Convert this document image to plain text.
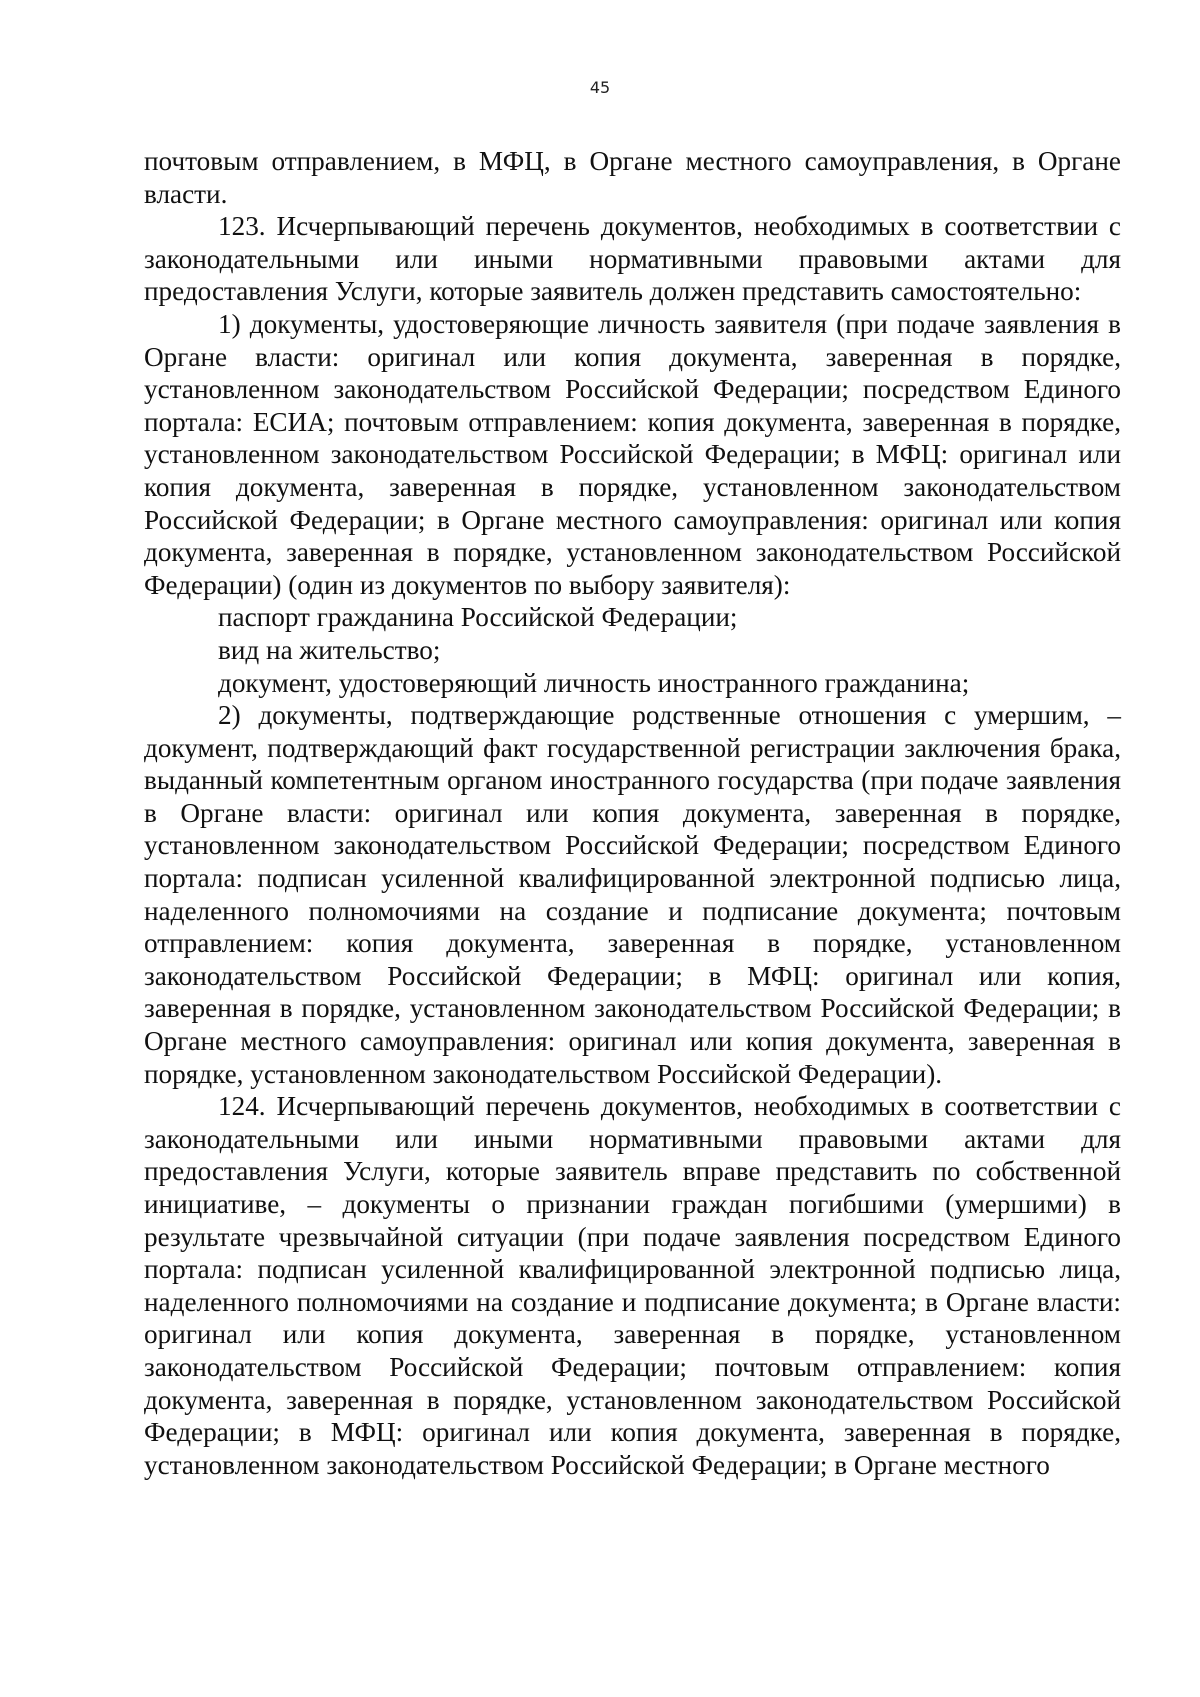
45

почтовым отправлением, в МФЦ, в Органе местного самоуправления, в Органе власти.

123. Исчерпывающий перечень документов, необходимых в соответствии с законодательными или иными нормативными правовыми актами для предоставления Услуги, которые заявитель должен представить самостоятельно:

1) документы, удостоверяющие личность заявителя (при подаче заявления в Органе власти: оригинал или копия документа, заверенная в порядке, установленном законодательством Российской Федерации; посредством Единого портала: ЕСИА; почтовым отправлением: копия документа, заверенная в порядке, установленном законодательством Российской Федерации; в МФЦ: оригинал или копия документа, заверенная в порядке, установленном законодательством Российской Федерации; в Органе местного самоуправления: оригинал или копия документа, заверенная в порядке, установленном законодательством Российской Федерации) (один из документов по выбору заявителя):

паспорт гражданина Российской Федерации;

вид на жительство;

документ, удостоверяющий личность иностранного гражданина;

2) документы, подтверждающие родственные отношения с умершим, – документ, подтверждающий факт государственной регистрации заключения брака, выданный компетентным органом иностранного государства (при подаче заявления в Органе власти: оригинал или копия документа, заверенная в порядке, установленном законодательством Российской Федерации; посредством Единого портала: подписан усиленной квалифицированной электронной подписью лица, наделенного полномочиями на создание и подписание документа; почтовым отправлением: копия документа, заверенная в порядке, установленном законодательством Российской Федерации; в МФЦ: оригинал или копия, заверенная в порядке, установленном законодательством Российской Федерации; в Органе местного самоуправления: оригинал или копия документа, заверенная в порядке, установленном законодательством Российской Федерации).

124. Исчерпывающий перечень документов, необходимых в соответствии с законодательными или иными нормативными правовыми актами для предоставления Услуги, которые заявитель вправе представить по собственной инициативе, – документы о признании граждан погибшими (умершими) в результате чрезвычайной ситуации (при подаче заявления посредством Единого портала: подписан усиленной квалифицированной электронной подписью лица, наделенного полномочиями на создание и подписание документа; в Органе власти: оригинал или копия документа, заверенная в порядке, установленном законодательством Российской Федерации; почтовым отправлением: копия документа, заверенная в порядке, установленном законодательством Российской Федерации; в МФЦ: оригинал или копия документа, заверенная в порядке, установленном законодательством Российской Федерации; в Органе местного
